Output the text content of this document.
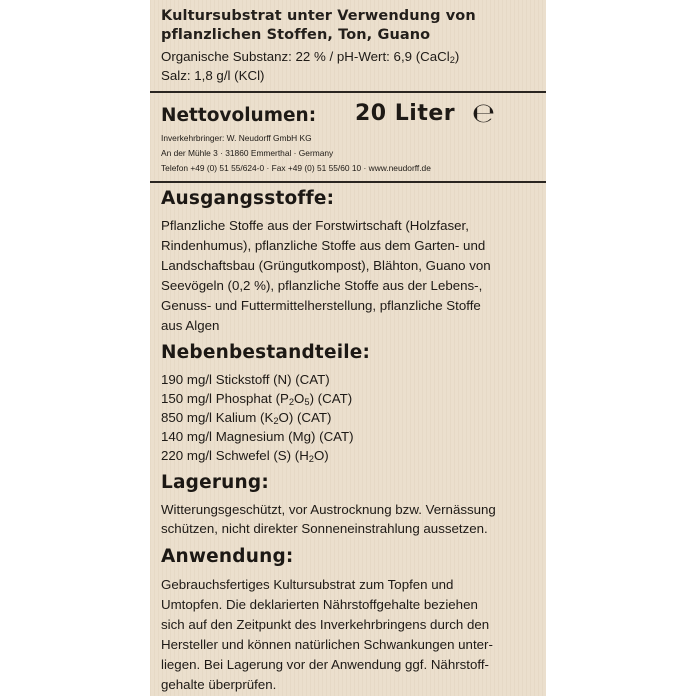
Kultursubstrat unter Verwendung von
pflanzlichen Stoffen, Ton, Guano
Organische Substanz: 22 % / pH-Wert: 6,9 (CaCl$_2$)
Salz: 1,8 g/l (KCl)
Nettovolumen: 20 Liter ℮
Inverkehrbringer: W. Neudorff GmbH KG
An der Mühle 3 · 31860 Emmerthal · Germany
Telefon +49 (0) 51 55/624-0 · Fax +49 (0) 51 55/60 10 · www.neudorff.de
Ausgangsstoffe:
Pflanzliche Stoffe aus der Forstwirtschaft (Holzfaser,
Rindenhumus), pflanzliche Stoffe aus dem Garten- und
Landschaftsbau (Grüngutkompost), Blähton, Guano von
Seevögeln (0,2 %), pflanzliche Stoffe aus der Lebens-,
Genuss- und Futtermittelherstellung, pflanzliche Stoffe
aus Algen
Nebenbestandteile:
190 mg/l Stickstoff (N) (CAT)
150 mg/l Phosphat $(P_2O_5)$ (CAT)
850 mg/l Kalium $(K_2O)$ (CAT)
140 mg/l Magnesium (Mg) (CAT)
220 mg/l Schwefel (S) $(H_2O)$
Lagerung:
Witterungsgeschützt, vor Austrocknung bzw. Vernässung
schützen, nicht direkter Sonneneinstrahlung aussetzen.
Anwendung:
Gebrauchsfertiges Kultursubstrat zum Topfen und
Umtopfen. Die deklarierten Nährstoffgehalte beziehen
sich auf den Zeitpunkt des Inverkehrbringens durch den
Hersteller und können natürlichen Schwankungen unter-
liegen. Bei Lagerung vor der Anwendung ggf. Nährstoff-
gehalte überprüfen.
